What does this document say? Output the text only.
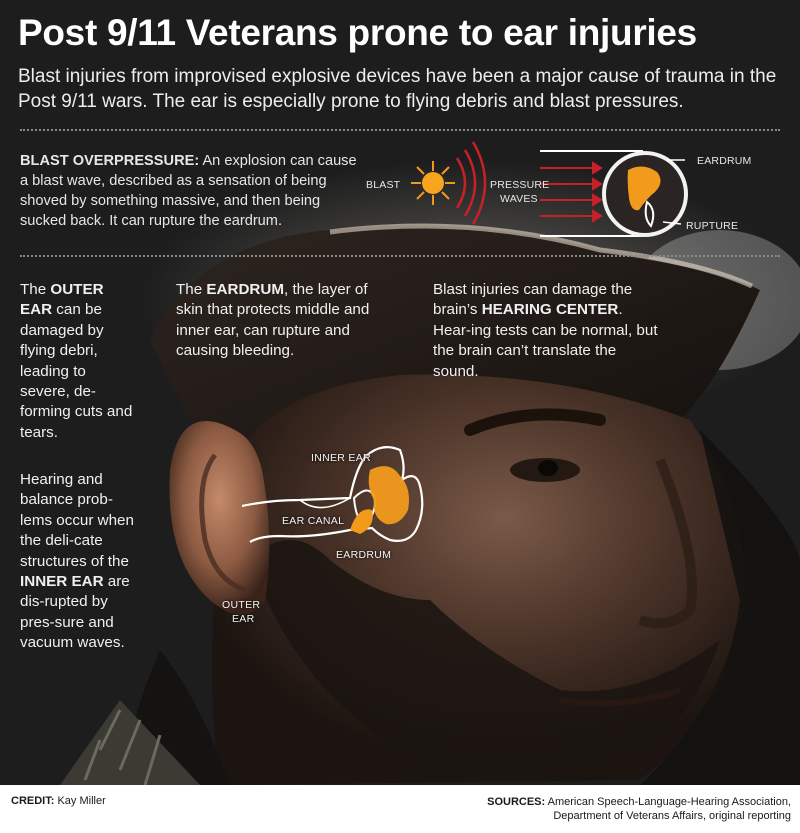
Post 9/11 Veterans prone to ear injuries

Blast injuries from improvised explosive devices have been a major cause of trauma in the Post 9/11 wars. The ear is especially prone to flying debris and blast pressures.

BLAST OVERPRESSURE: An explosion can cause a blast wave, described as a sensation of being shoved by something massive, and then being sucked back. It can rupture the eardrum.

BLAST	PRESSURE
WAVES
EARDRUM
RUPTURE

The OUTER EAR can be damaged by flying debri, leading to severe, de-forming cuts and tears.

The EARDRUM, the layer of skin that protects middle and inner ear, can rupture and causing bleeding.

Blast injuries can damage the brain’s HEARING CENTER. Hear-ing tests can be normal, but the brain can’t translate the sound.

Hearing and balance prob-lems occur when the deli-cate structures of the INNER EAR are dis-rupted by pres-sure and vacuum waves.

INNER EAR
EAR CANAL
EARDRUM
OUTER
EAR

CREDIT: Kay Miller	SOURCES: American Speech-Language-Hearing Association, Department of Veterans Affairs, original reporting
